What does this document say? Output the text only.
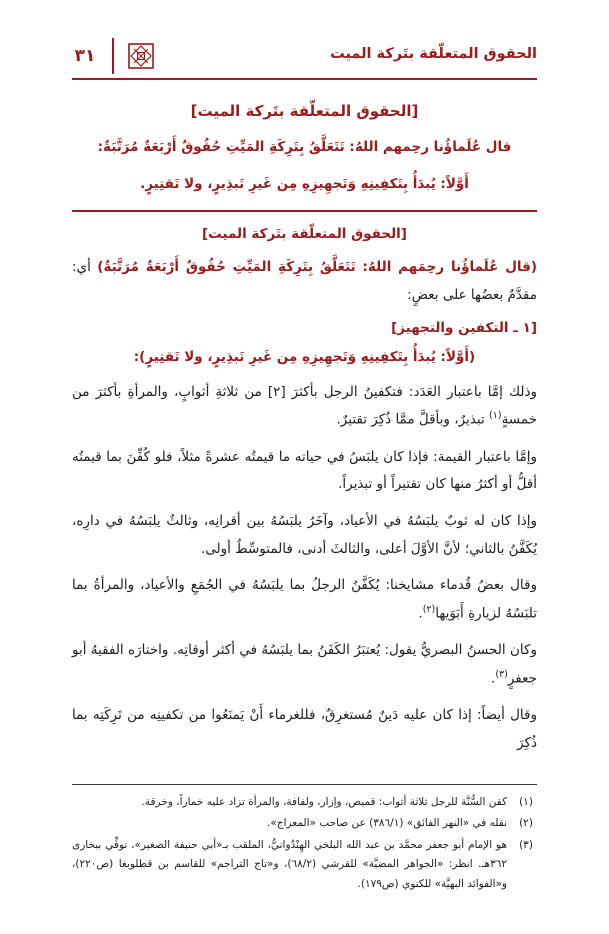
الحقوق المتعلّقة بتَركة الميت
٣١
[الحقوق المتعلّقة بتَركة الميت]

قال عُلَماؤُنا رحِمهم اللهُ: تَتَعَلَّقُ بِتَرِكَةِ المَيِّتِ حُقُوقٌ أَرْبَعَةٌ مُرَتَّبَةٌ:

أَوَّلاً: يُبدَأُ بِتَكفِينِهِ وَتَجهِيزِهِ مِن غَيرِ تَبذِيرٍ، ولا تَقتِيرٍ.

[الحقوق المتعلّقة بتَركة الميت]

(قال عُلَماؤُنا رحِمَهم اللهُ: تَتَعَلَّقُ بِتَرِكَةِ المَيِّتِ حُقُوقٌ أَرْبَعَةٌ مُرَتَّبَةٌ) أي: مقدَّمٌ بعضُها على بعضٍ:

[١ ـ التكفين والتجهيز]
(أَوَّلاً: يُبدَأُ بِتَكفِينِهِ وَتَجهِيزِهِ مِن غَيرِ تَبذِيرٍ، ولا تَقتِيرٍ):

وذلك إمَّا باعتبار العَدَد: فتكفينُ الرجل بأكثرَ [٢] من ثلاثةِ أثوابٍ، والمرأةِ بأكثرَ من خمسةٍ$^{(١)}$ تبذيرٌ، وبأقلَّ ممَّا ذُكِرَ تقتيرٌ.

وإمَّا باعتبار القيمة: فإذا كان يلبَسُ في حياته ما قيمتُه عشرةً مثلاً، فلو كُفِّنَ بما قيمتُه أقلُّ أو أكثرُ منها كان تقتيراً أو تبذيراً.

وإذا كان له ثوبٌ يلبَسُهُ في الأعياد، وآخَرُ يلبَسُهُ بين أقرانِه، وثالثٌ يلبَسُهُ في دارِه، يُكَفَّنُ بالثاني؛ لأنَّ الأوَّلَ أعلى، والثالثَ أدنى، فالمتوسِّطُ أولى.

وقال بعضُ قُدماء مشايخنا: يُكَفَّنُ الرجلُ بما يلبَسُهُ في الجُمَعِ والأعياد، والمرأةُ بما تلبَسُهُ لزيارةِ أَبَوَيها$^{(٢)}$.

وكان الحسنُ البصريُّ يقول: يُعتبَرُ الكَفَنُ بما يلبَسُهُ في أكثر أوقاتِه. واختارَه الفقيهُ أبو جعفرٍ$^{(٣)}$.

وقال أيضاً: إذا كان عليه دَينٌ مُستغرِقٌ، فللغرماء أَنْ يَمنَعُوا من تكفينِه من تَرِكَتِه بما ذُكِرَ

(١)
كفن السُّنَّة للرجل ثلاثة أثواب: قميص، وإزار، ولفافة، والمرأة تزاد عليه خماراً، وخرقة.
(٢)
نقله في «النهر الفائق» (٣٨٦/١) عن صاحب «المعراج».
(٣)
هو الإمام أبو جعفر محمَّد بن عبد الله البلخي الهِنْدُوانيُّ، الملقب بـ«أبي حنيفة الصغير»، توفِّي ببخارى ٣٦٢هـ. انظر: «الجواهر المضيَّة» للقرشي (٦٨/٢)، و«تاج التراجم» للقاسم بن قطلوبغا (ص٢٢٠)، و«الفوائد البهيَّة» للكنوي (ص١٧٩).
